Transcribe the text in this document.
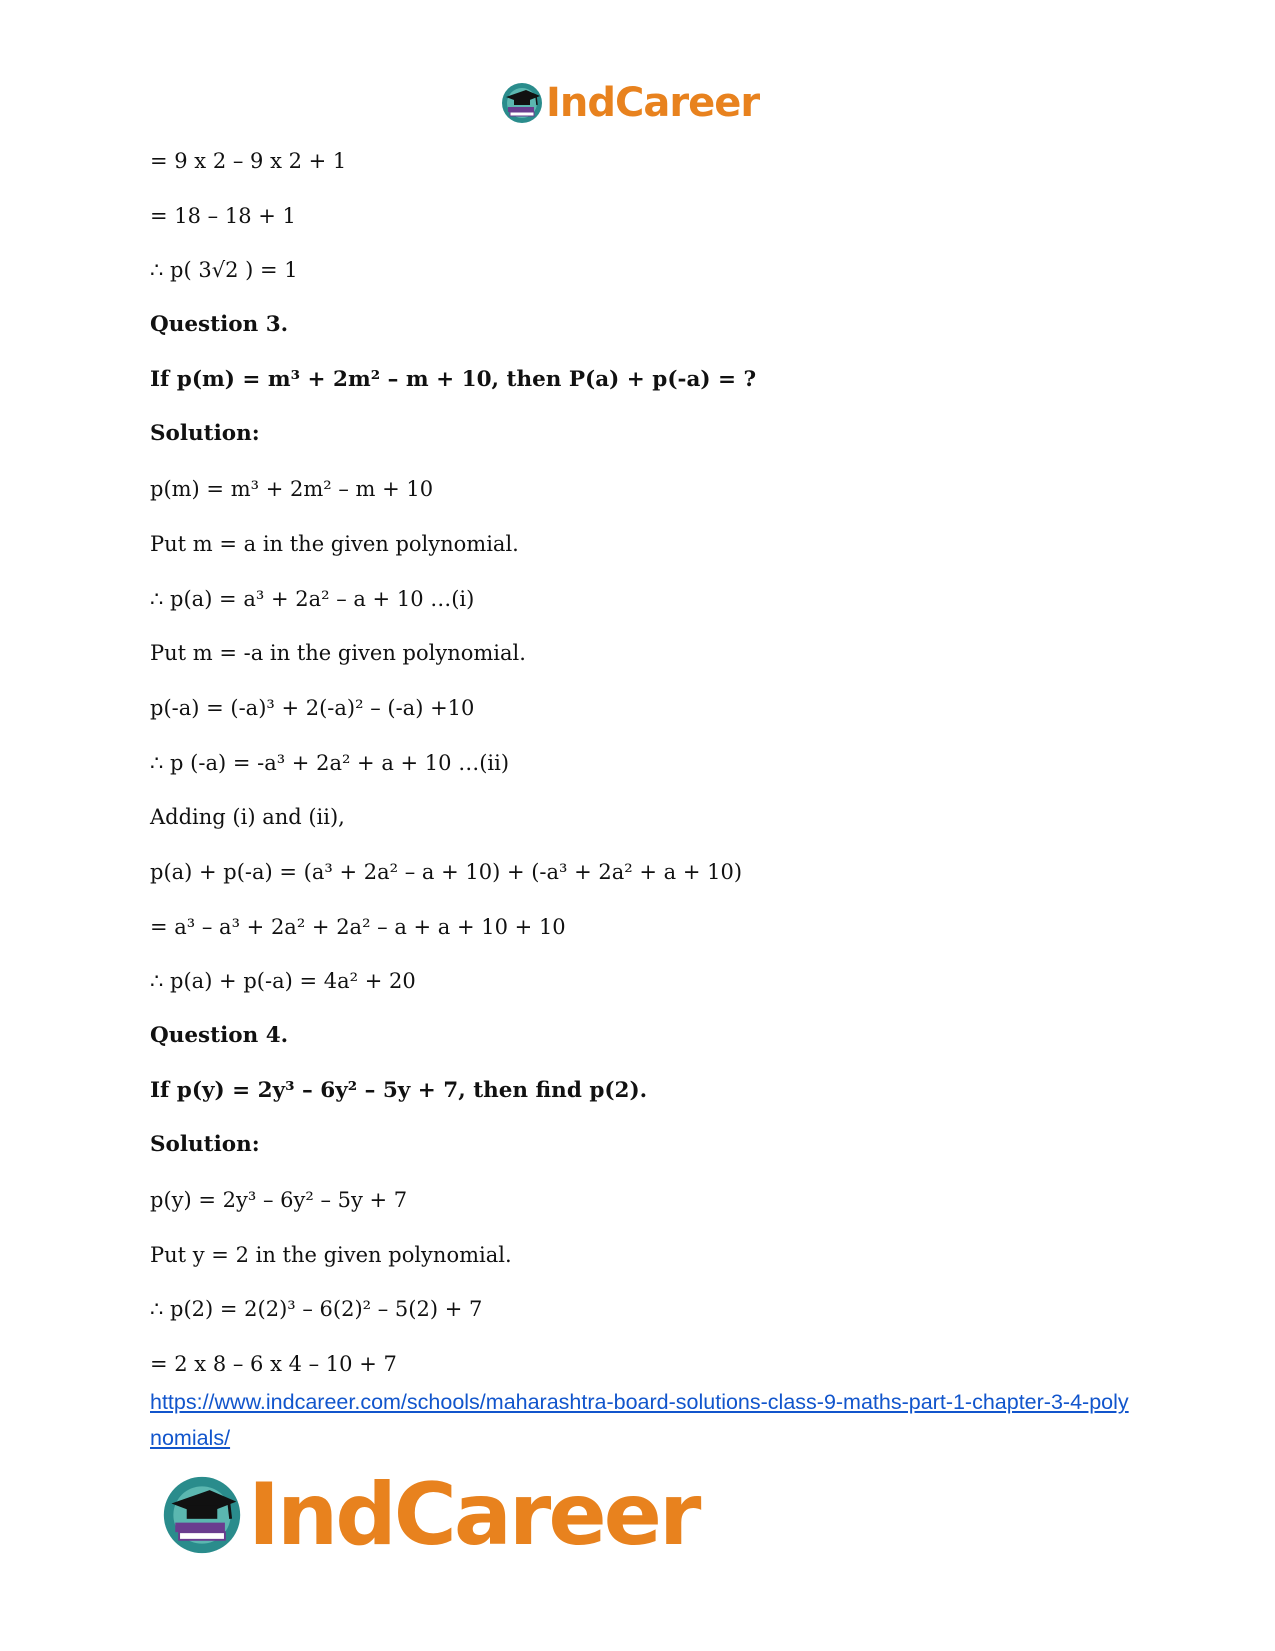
IndCareer
= 9 x 2 – 9 x 2 + 1
= 18 – 18 + 1
∴ p( 3√2 ) = 1
Question 3.
If p(m) = m³ + 2m² – m + 10, then P(a) + p(-a) = ?
Solution:
p(m) = m³ + 2m² – m + 10
Put m = a in the given polynomial.
∴ p(a) = a³ + 2a² – a + 10 …(i)
Put m = -a in the given polynomial.
p(-a) = (-a)³ + 2(-a)² – (-a) +10
∴ p (-a) = -a³ + 2a² + a + 10 …(ii)
Adding (i) and (ii),
p(a) + p(-a) = (a³ + 2a² – a + 10) + (-a³ + 2a² + a + 10)
= a³ – a³ + 2a² + 2a² – a + a + 10 + 10
∴ p(a) + p(-a) = 4a² + 20
Question 4.
If p(y) = 2y³ – 6y² – 5y + 7, then find p(2).
Solution:
p(y) = 2y³ – 6y² – 5y + 7
Put y = 2 in the given polynomial.
∴ p(2) = 2(2)³ – 6(2)² – 5(2) + 7
= 2 x 8 – 6 x 4 – 10 + 7
https://www.indcareer.com/schools/maharashtra-board-solutions-class-9-maths-part-1-chapter-3-4-polynomials/
IndCareer
